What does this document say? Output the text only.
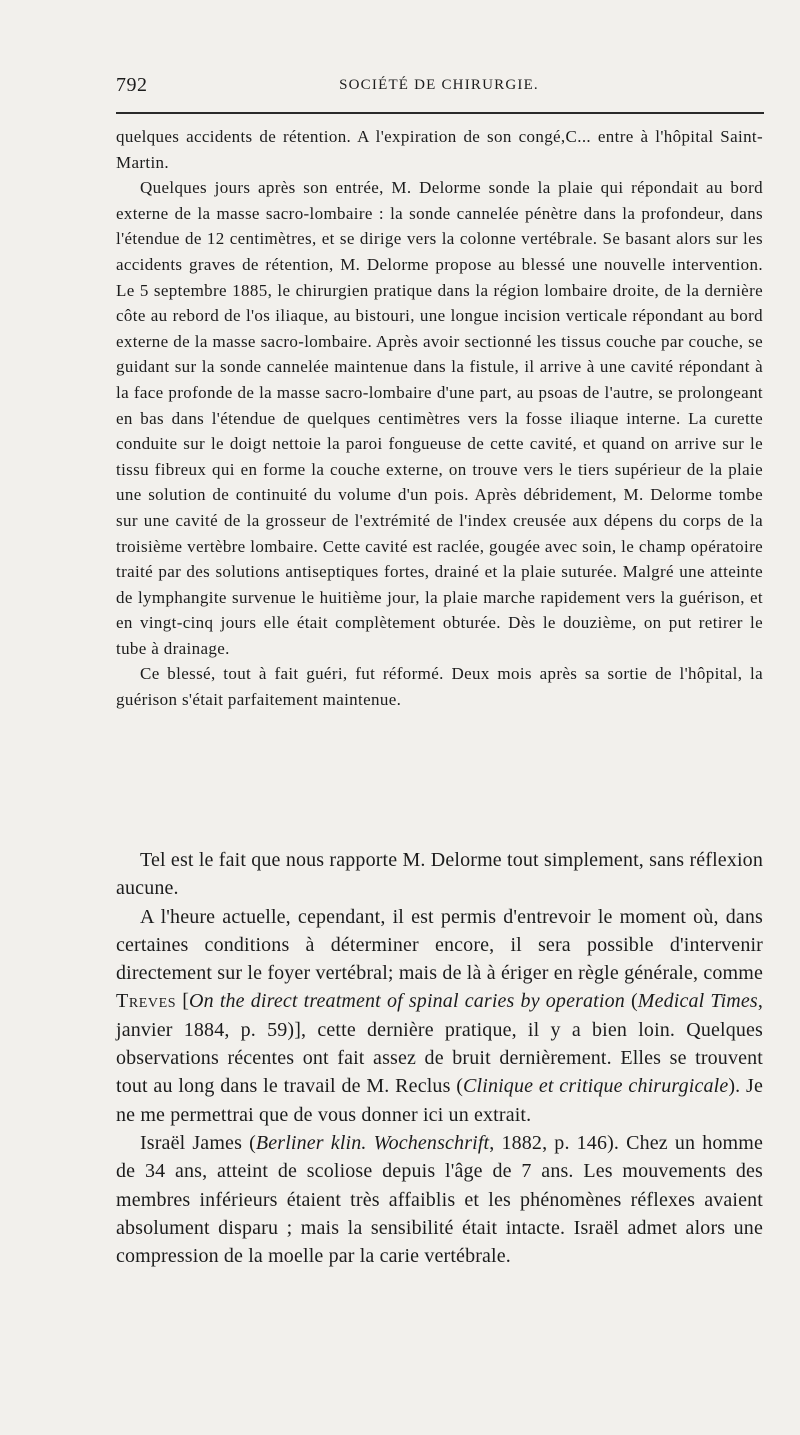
792	SOCIÉTÉ DE CHIRURGIE.

quelques accidents de rétention. A l'expiration de son congé,C... entre à l'hôpital Saint-Martin.

Quelques jours après son entrée, M. Delorme sonde la plaie qui répondait au bord externe de la masse sacro-lombaire : la sonde cannelée pénètre dans la profondeur, dans l'étendue de 12 centimètres, et se dirige vers la colonne vertébrale. Se basant alors sur les accidents graves de rétention, M. Delorme propose au blessé une nouvelle intervention. Le 5 septembre 1885, le chirurgien pratique dans la région lombaire droite, de la dernière côte au rebord de l'os iliaque, au bistouri, une longue incision verticale répondant au bord externe de la masse sacro-lombaire. Après avoir sectionné les tissus couche par couche, se guidant sur la sonde cannelée maintenue dans la fistule, il arrive à une cavité répondant à la face profonde de la masse sacro-lombaire d'une part, au psoas de l'autre, se prolongeant en bas dans l'étendue de quelques centimètres vers la fosse iliaque interne. La curette conduite sur le doigt nettoie la paroi fongueuse de cette cavité, et quand on arrive sur le tissu fibreux qui en forme la couche externe, on trouve vers le tiers supérieur de la plaie une solution de continuité du volume d'un pois. Après débridement, M. Delorme tombe sur une cavité de la grosseur de l'extrémité de l'index creusée aux dépens du corps de la troisième vertèbre lombaire. Cette cavité est raclée, gougée avec soin, le champ opératoire traité par des solutions antiseptiques fortes, drainé et la plaie suturée. Malgré une atteinte de lymphangite survenue le huitième jour, la plaie marche rapidement vers la guérison, et en vingt-cinq jours elle était complètement obturée. Dès le douzième, on put retirer le tube à drainage.

Ce blessé, tout à fait guéri, fut réformé. Deux mois après sa sortie de l'hôpital, la guérison s'était parfaitement maintenue.

Tel est le fait que nous rapporte M. Delorme tout simplement, sans réflexion aucune.

A l'heure actuelle, cependant, il est permis d'entrevoir le moment où, dans certaines conditions à déterminer encore, il sera possible d'intervenir directement sur le foyer vertébral; mais de là à ériger en règle générale, comme Treves [On the direct treatment of spinal caries by operation (Medical Times, janvier 1884, p. 59)], cette dernière pratique, il y a bien loin. Quelques observations récentes ont fait assez de bruit dernièrement. Elles se trouvent tout au long dans le travail de M. Reclus (Clinique et critique chirurgicale). Je ne me permettrai que de vous donner ici un extrait.

Israël James (Berliner klin. Wochenschrift, 1882, p. 146). Chez un homme de 34 ans, atteint de scoliose depuis l'âge de 7 ans. Les mouvements des membres inférieurs étaient très affaiblis et les phénomènes réflexes avaient absolument disparu ; mais la sensibilité était intacte. Israël admet alors une compression de la moelle par la carie vertébrale.
